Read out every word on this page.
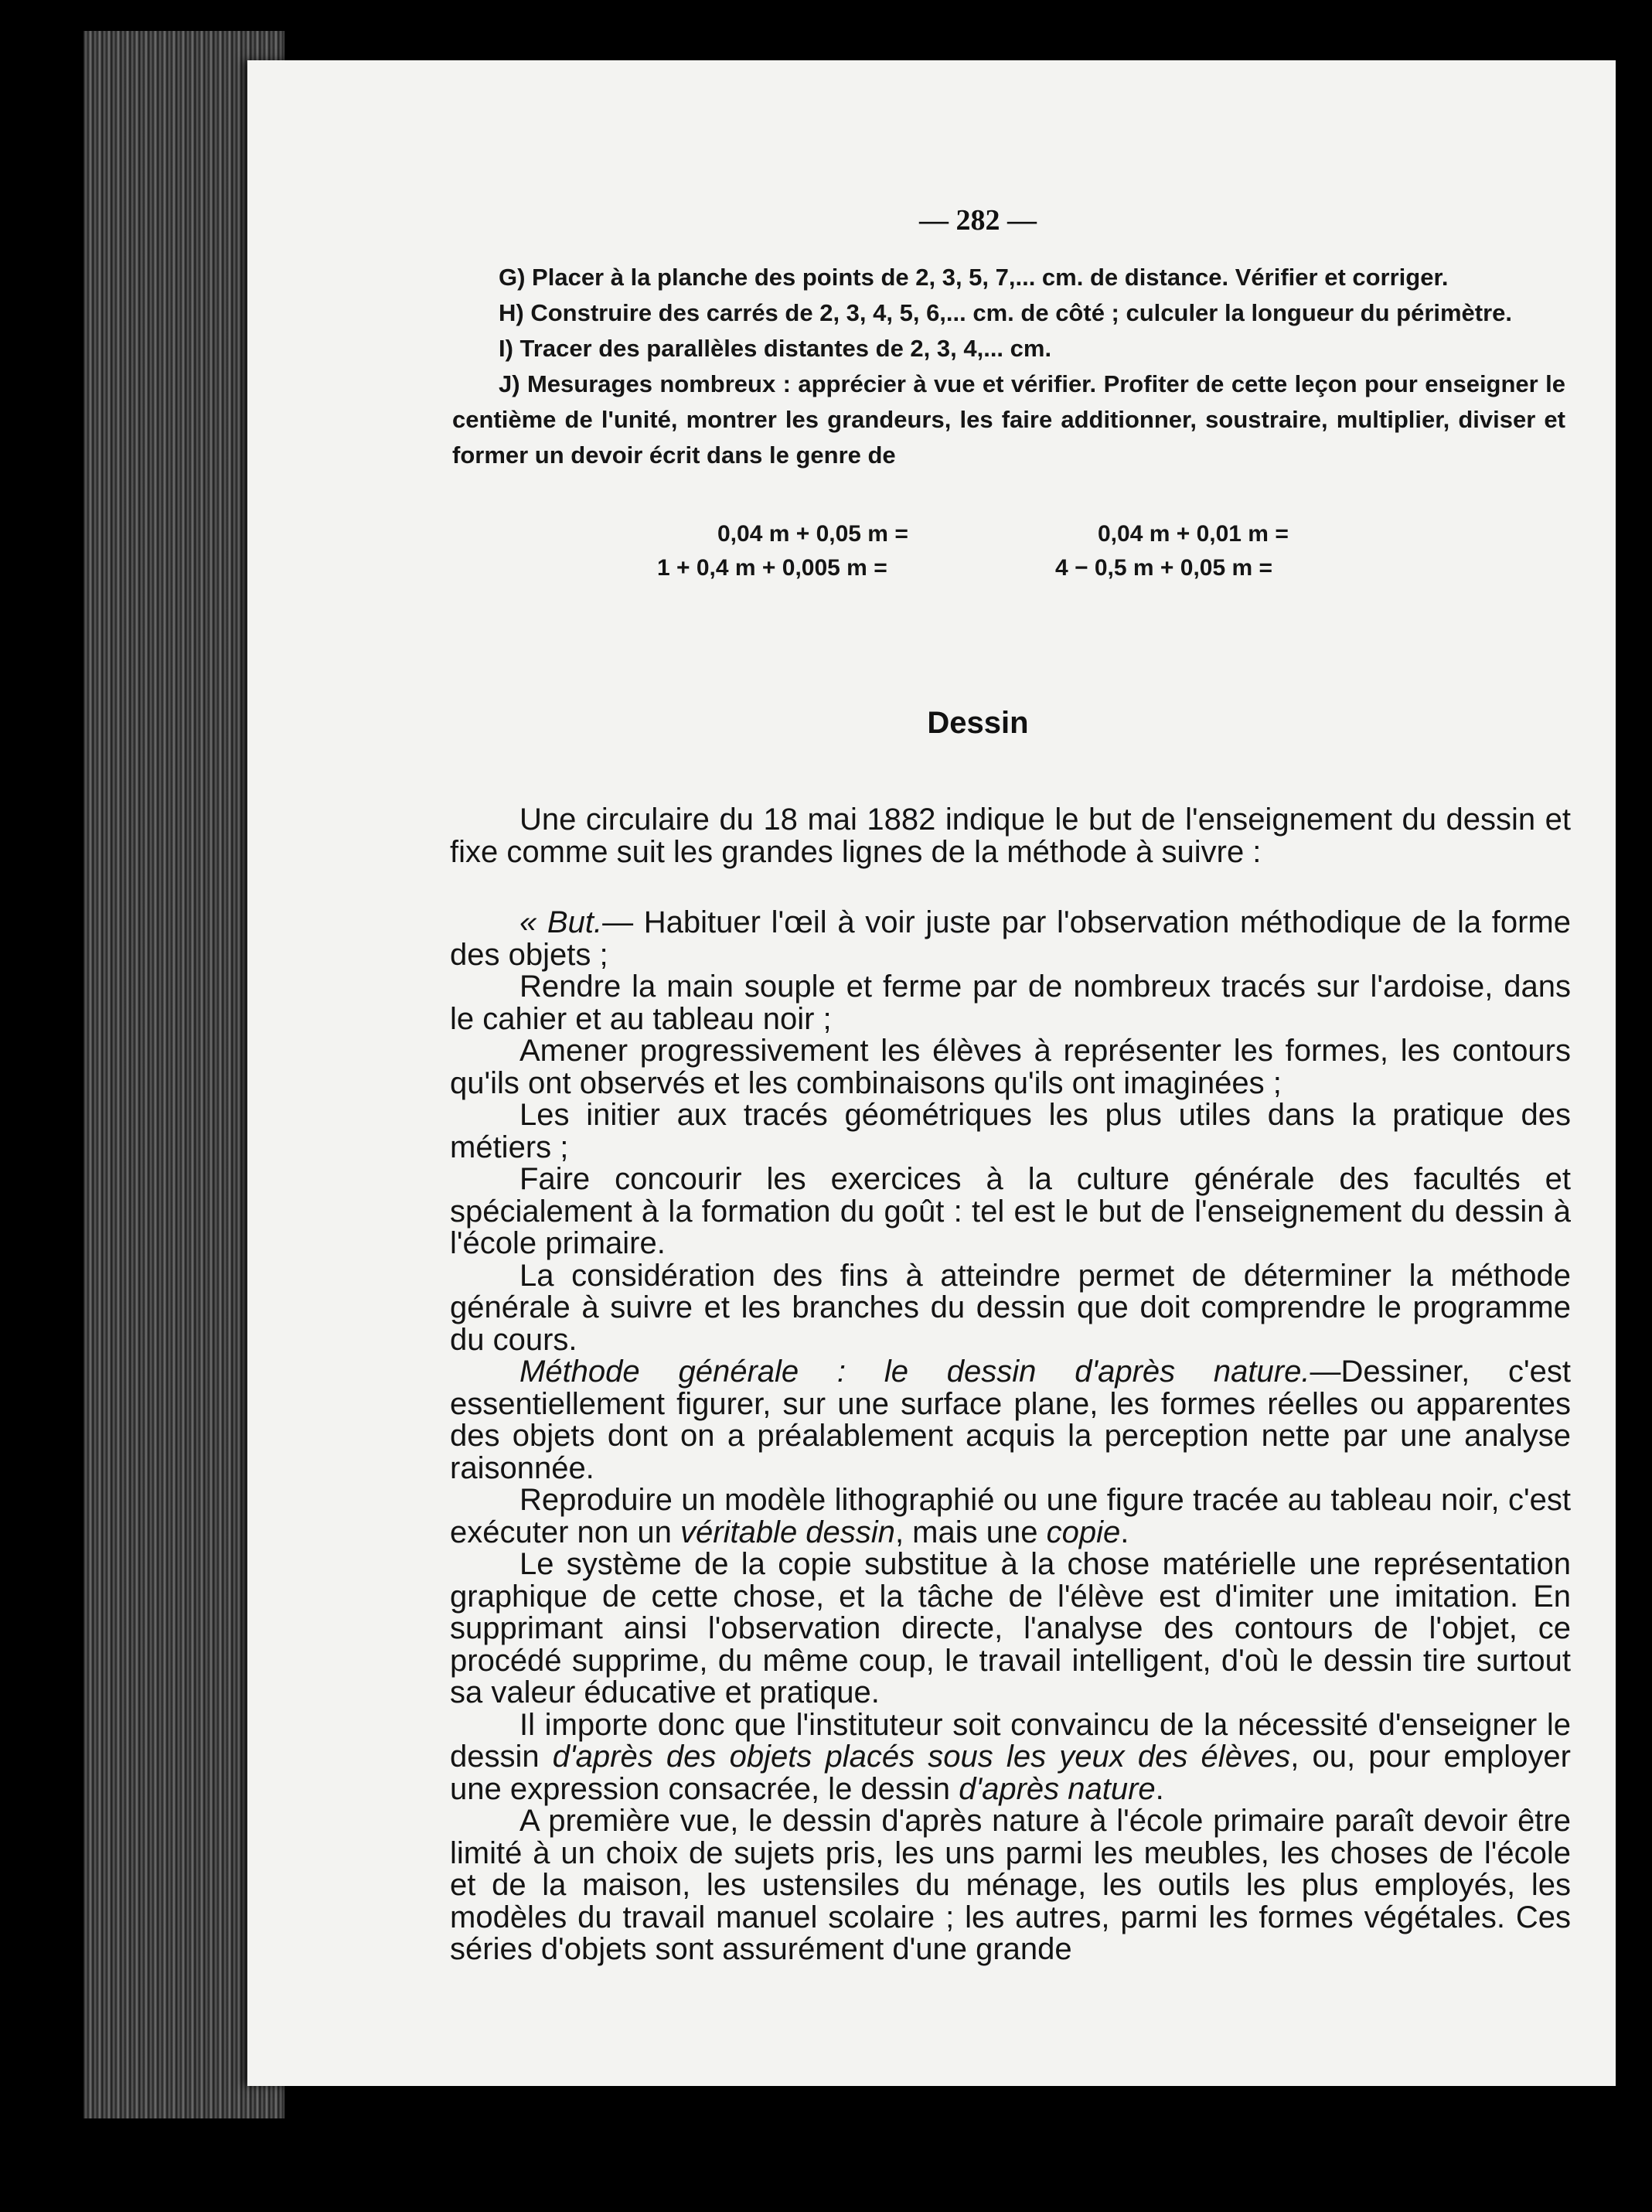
— 282 —

G) Placer à la planche des points de 2, 3, 5, 7,... cm. de distance. Vérifier et corriger.

H) Construire des carrés de 2, 3, 4, 5, 6,... cm. de côté ; culculer la longueur du périmètre.

I) Tracer des parallèles distantes de 2, 3, 4,... cm.

J) Mesurages nombreux : apprécier à vue et vérifier. Profiter de cette leçon pour enseigner le centième de l'unité, montrer les grandeurs, les faire additionner, soustraire, multiplier, diviser et former un devoir écrit dans le genre de

0,04 m + 0,05 m =	0,04 m + 0,01 m =
1 + 0,4 m + 0,005 m =	4 − 0,5 m + 0,05 m =
Dessin

Une circulaire du 18 mai 1882 indique le but de l'enseignement du dessin et fixe comme suit les grandes lignes de la méthode à suivre :

« But.— Habituer l'œil à voir juste par l'observation méthodique de la forme des objets ;

Rendre la main souple et ferme par de nombreux tracés sur l'ardoise, dans le cahier et au tableau noir ;

Amener progressivement les élèves à représenter les formes, les contours qu'ils ont observés et les combinaisons qu'ils ont imaginées ;

Les initier aux tracés géométriques les plus utiles dans la pratique des métiers ;

Faire concourir les exercices à la culture générale des facultés et spécialement à la formation du goût : tel est le but de l'enseignement du dessin à l'école primaire.

La considération des fins à atteindre permet de déterminer la méthode générale à suivre et les branches du dessin que doit comprendre le programme du cours.

Méthode générale : le dessin d'après nature.—Dessiner, c'est essentiellement figurer, sur une surface plane, les formes réelles ou apparentes des objets dont on a préalablement acquis la perception nette par une analyse raisonnée.

Reproduire un modèle lithographié ou une figure tracée au tableau noir, c'est exécuter non un véritable dessin, mais une copie.

Le système de la copie substitue à la chose matérielle une représentation graphique de cette chose, et la tâche de l'élève est d'imiter une imitation. En supprimant ainsi l'observation directe, l'analyse des contours de l'objet, ce procédé supprime, du même coup, le travail intelligent, d'où le dessin tire surtout sa valeur éducative et pratique.

Il importe donc que l'instituteur soit convaincu de la nécessité d'enseigner le dessin d'après des objets placés sous les yeux des élèves, ou, pour employer une expression consacrée, le dessin d'après nature.

A première vue, le dessin d'après nature à l'école primaire paraît devoir être limité à un choix de sujets pris, les uns parmi les meubles, les choses de l'école et de la maison, les ustensiles du ménage, les outils les plus employés, les modèles du travail manuel scolaire ; les autres, parmi les formes végétales. Ces séries d'objets sont assurément d'une grande
